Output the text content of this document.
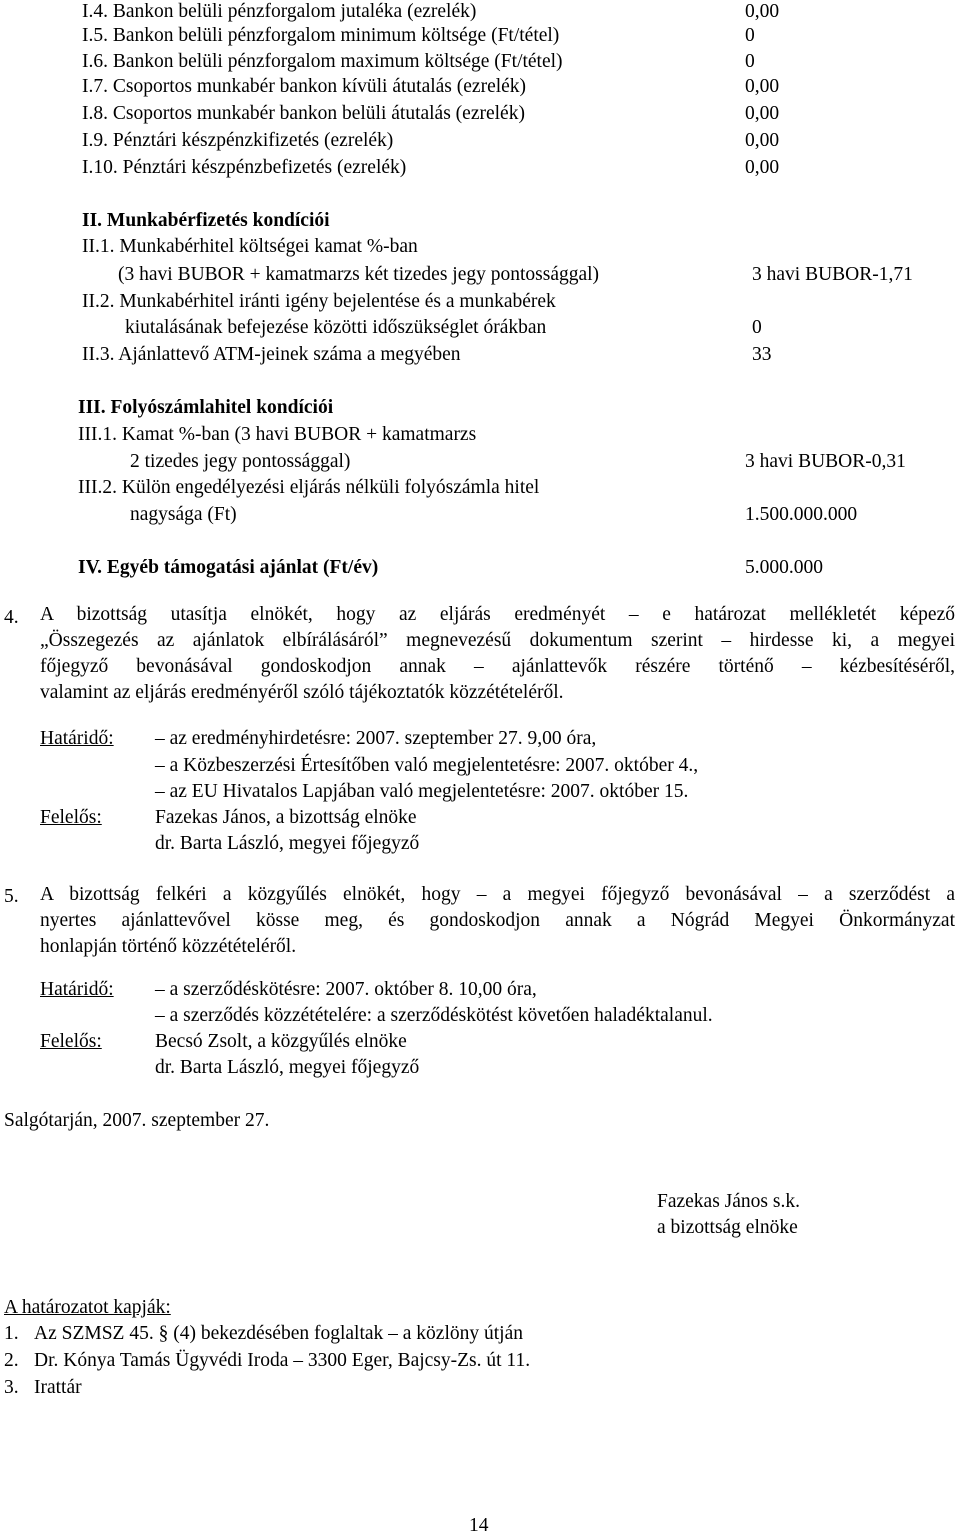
I.4. Bankon belüli pénzforgalom jutaléka (ezrelék)	0,00
I.5. Bankon belüli pénzforgalom minimum költsége (Ft/tétel)	0
I.6. Bankon belüli pénzforgalom maximum költsége (Ft/tétel)	0
I.7. Csoportos munkabér bankon kívüli átutalás (ezrelék)	0,00
I.8. Csoportos munkabér bankon belüli átutalás (ezrelék)	0,00
I.9. Pénztári készpénzkifizetés (ezrelék)	0,00
I.10. Pénztári készpénzbefizetés (ezrelék)	0,00
II. Munkabérfizetés kondíciói
II.1. Munkabérhitel költségei kamat %-ban
(3 havi BUBOR + kamatmarzs két tizedes jegy pontossággal)	3 havi BUBOR-1,71
II.2. Munkabérhitel iránti igény bejelentése és a munkabérek
kiutalásának befejezése közötti időszükséglet órákban	0
II.3. Ajánlattevő ATM-jeinek száma a megyében	33
III. Folyószámlahitel kondíciói
III.1. Kamat %-ban (3 havi BUBOR + kamatmarzs
2 tizedes jegy pontossággal)	3 havi BUBOR-0,31
III.2. Külön engedélyezési eljárás nélküli folyószámla hitel
nagysága (Ft)	1.500.000.000
IV. Egyéb támogatási ajánlat (Ft/év)	5.000.000
4. A bizottság utasítja elnökét, hogy az eljárás eredményét – e határozat mellékletét képező
„Összegezés az ajánlatok elbírálásáról” megnevezésű dokumentum szerint – hirdesse ki, a megyei
főjegyző bevonásával gondoskodjon annak – ajánlattevők részére történő – kézbesítéséről,
valamint az eljárás eredményéről szóló tájékoztatók közzétételéről.
Határidő: – az eredményhirdetésre: 2007. szeptember 27. 9,00 óra,
– a Közbeszerzési Értesítőben való megjelentetésre: 2007. október 4.,
– az EU Hivatalos Lapjában való megjelentetésre: 2007. október 15.
Felelős:	Fazekas János, a bizottság elnöke
dr. Barta László, megyei főjegyző
5. A bizottság felkéri a közgyűlés elnökét, hogy – a megyei főjegyző bevonásával – a szerződést a
nyertes ajánlattevővel kösse meg, és gondoskodjon annak a Nógrád Megyei Önkormányzat
honlapján történő közzétételéről.
Határidő: – a szerződéskötésre: 2007. október 8. 10,00 óra,
– a szerződés közzétételére: a szerződéskötést követően haladéktalanul.
Felelős:	Becsó Zsolt, a közgyűlés elnöke
dr. Barta László, megyei főjegyző
Salgótarján, 2007. szeptember 27.
Fazekas János s.k.
a bizottság elnöke
A határozatot kapják:
1. Az SZMSZ 45. § (4) bekezdésében foglaltak – a közlöny útján
2. Dr. Kónya Tamás Ügyvédi Iroda – 3300 Eger, Bajcsy-Zs. út 11.
3. Irattár
14
